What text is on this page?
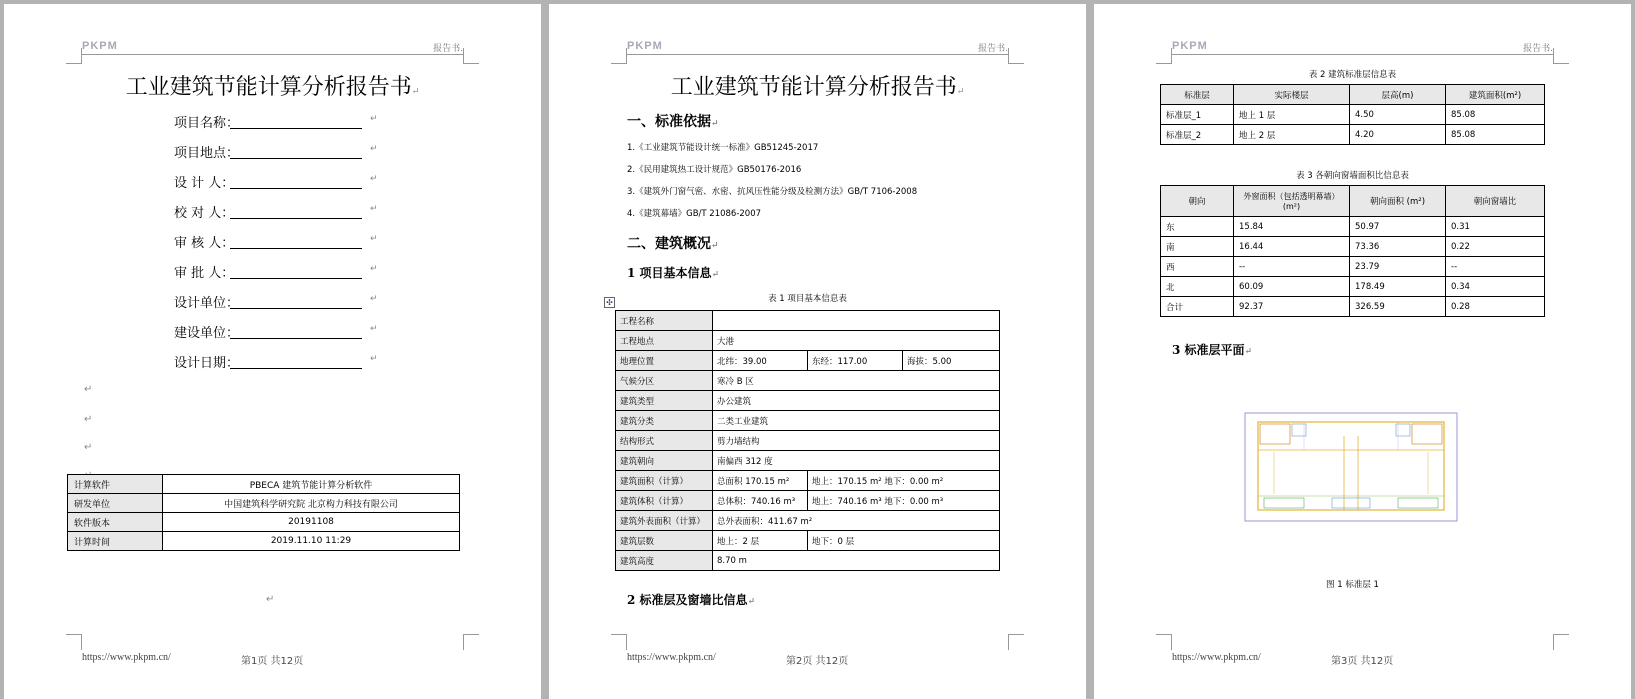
PKPM	报告书.
工业建筑节能计算分析报告书↵
项目名称：	↵
项目地点：	↵
设 计 人：	↵
校 对 人：	↵
审 核 人：	↵
审 批 人：	↵
设计单位：	↵
建设单位：	↵
设计日期：	↵
↵
↵
↵
计算软件	PBECA 建筑节能计算分析软件
研发单位	中国建筑科学研究院 北京构力科技有限公司
软件版本	20191108
计算时间	2019.11.10 11:29
↵
https://www.pkpm.cn/	第1页 共12页
PKPM	报告书.
工业建筑节能计算分析报告书↵
一、标准依据↵
1.《工业建筑节能设计统一标准》GB51245-2017
2.《民用建筑热工设计规范》GB50176-2016
3.《建筑外门窗气密、水密、抗风压性能分级及检测方法》GB/T 7106-2008
4.《建筑幕墙》GB/T 21086-2007
二、建筑概况↵
1 项目基本信息↵
✣	表 1 项目基本信息表
工程名称			
工程地点	大港		
地理位置	北纬：39.00	东经：117.00	海拔：5.00
气候分区	寒冷 B 区		
建筑类型	办公建筑		
建筑分类	二类工业建筑		
结构形式	剪力墙结构		
建筑朝向	南偏西 312 度		
建筑面积（计算）	总面积 170.15 m²	地上：170.15 m² 地下：0.00 m²	
建筑体积（计算）	总体积：740.16 m³	地上：740.16 m³ 地下：0.00 m³	
建筑外表面积（计算）	总外表面积：411.67 m²		
建筑层数	地上：2 层	地下：0 层	
建筑高度	8.70 m		
2 标准层及窗墙比信息↵
https://www.pkpm.cn/	第2页 共12页
PKPM	报告书.
表 2 建筑标准层信息表
标准层	实际楼层	层高(m)	建筑面积(m²)
标准层_1	地上 1 层	4.50	85.08
标准层_2	地上 2 层	4.20	85.08
表 3 各朝向窗墙面积比信息表
朝向	外窗面积（包括透明幕墙）(m²)	朝向面积 (m²)	朝向窗墙比
东	15.84	50.97	0.31
南	16.44	73.36	0.22
西	--	23.79	--
北	60.09	178.49	0.34
合计	92.37	326.59	0.28
3 标准层平面↵
图 1 标准层 1
https://www.pkpm.cn/	第3页 共12页
